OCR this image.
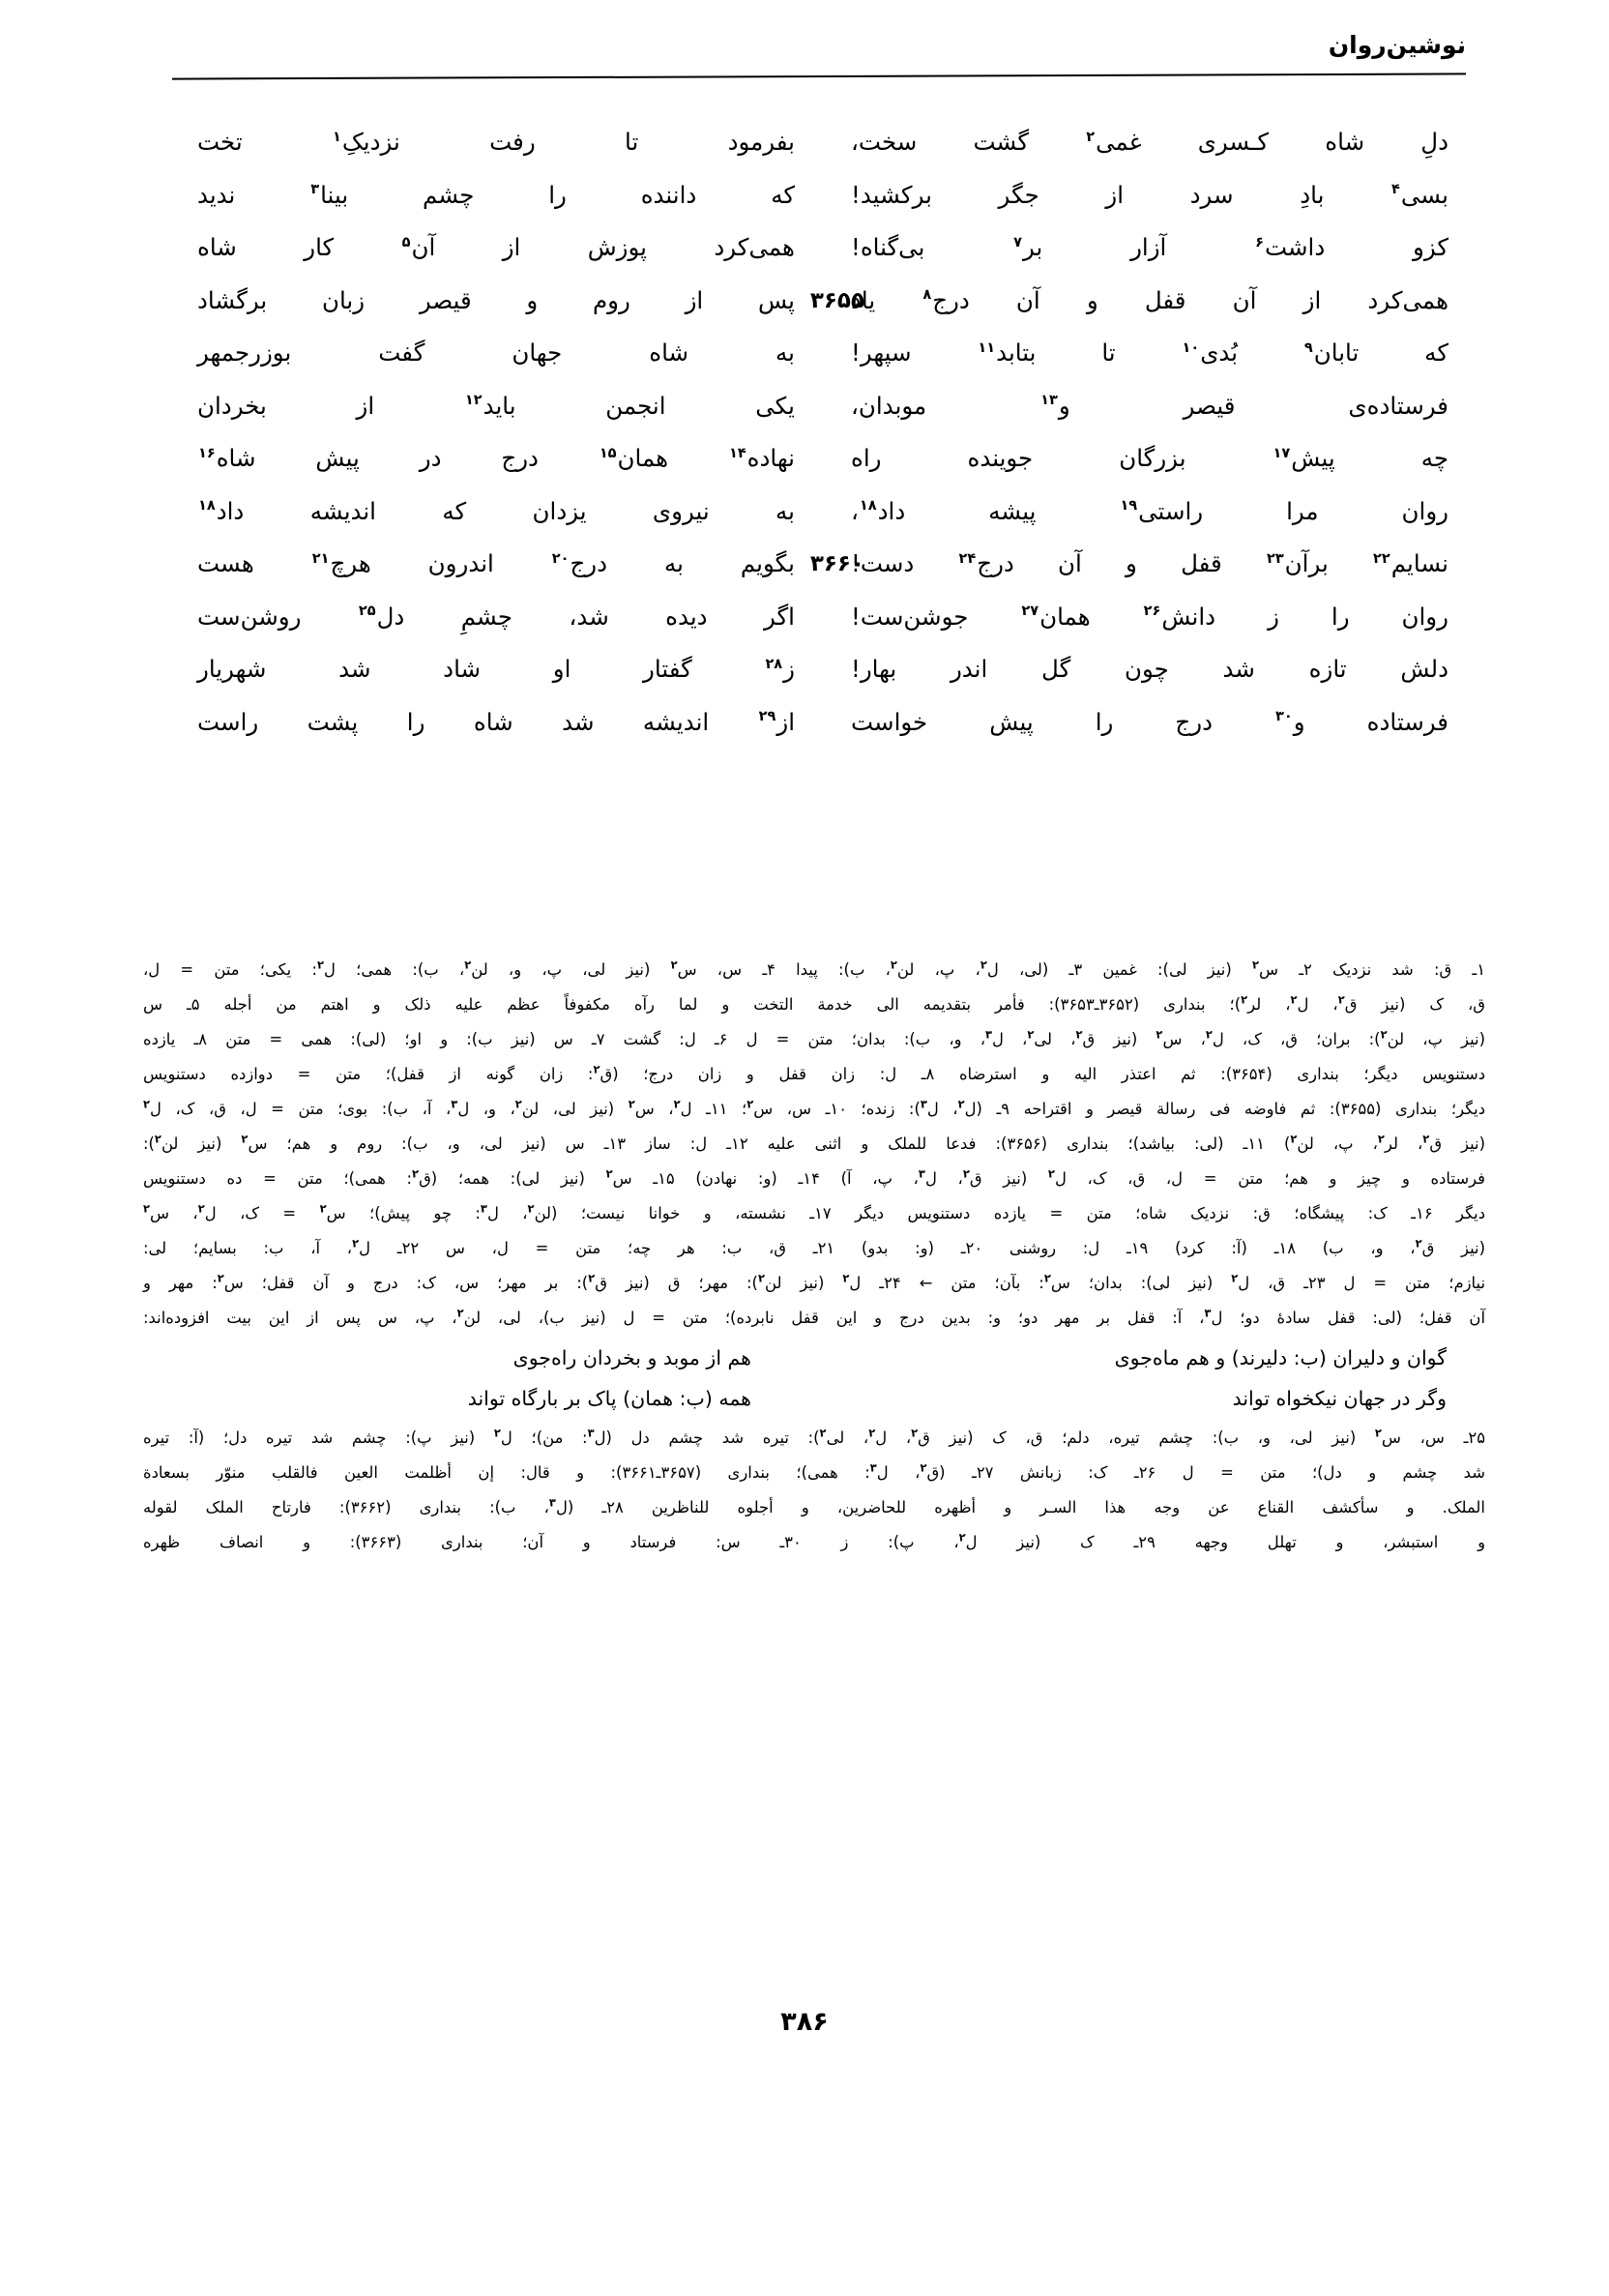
نوشین‌روان
دلِ شاه کـسری غمی$^۲$ گشت سخت،
بفرمود تا رفت نزدیکِ$^۱$ تخت
بسی$^۴$ بادِ سرد از جگر برکشید!
که داننده را چشم بینا$^۳$ ندید
کزو داشت$^۶$ آزار بر$^۷$ بی‌گناه!
همی‌کرد پوزش از آن$^۵$ کار شاه
همی‌کرد از آن قفل و آن درج$^۸$ یاد
پس از روم و قیصر زبان برگشاد ۳۶۵۵
که تابان$^۹$ بُدی$^{۱۰}$ تا بتابد$^{۱۱}$ سپهر!
به شاه جهان گفت بوزرجمهر
فرستاده‌ی قیصر و$^{۱۳}$ موبدان،
یکی انجمن باید$^{۱۲}$ از بخردان
چه پیش$^{۱۷}$ بزرگان جوینده راه
نهاده$^{۱۴}$ همان$^{۱۵}$ درج در پیش شاه$^{۱۶}$
روان مرا راستی$^{۱۹}$ پیشه داد$^{۱۸}$،
به نیروی یزدان که اندیشه داد$^{۱۸}$
نسایم$^{۲۲}$ برآن$^{۲۳}$ قفل و آن درج$^{۲۴}$ دست!
بگویم به درج$^{۲۰}$ اندرون هرچ$^{۲۱}$ هست	۳۶۶۰
روان را ز دانش$^{۲۶}$ همان$^{۲۷}$ جوشن‌ست!
اگر دیده شد، چشمِ دل$^{۲۵}$ روشن‌ست
دلش تازه شد چون گل اندر بهار!
ز$^{۲۸}$ گفتار او شاد شد شهریار
فرستاده و$^{۳۰}$ درج را پیش خواست
از$^{۲۹}$ اندیشه شد شاه را پشت راست

۱ـ ق: شد نزدیک ۲ـ س$^۲$ (نیز لی): غمین ۳ـ (لی، ل$^۲$، پ، لن$^۲$، ب): پیدا ۴ـ س، س$^۲$ (نیز لی، پ، و، لن$^۲$، ب): همی؛ ل$^۲$: یکی؛ متن = ل،

ق، ک (نیز ق$^۲$، ل$^۲$، لر$^۲$)؛ بنداری (۳۶۵۲ـ۳۶۵۳): فأمر بتقدیمه الی خدمة التخت و لما رآه مکفوفاً عظم علیه ذلک و اهتم من أجله ۵ـ س

(نیز پ، لن$^۲$): بران؛ ق، ک، ل$^۲$، س$^۲$ (نیز ق$^۲$، لی$^۲$، ل$^۳$، و، ب): بدان؛ متن = ل ۶ـ ل: گشت ۷ـ س (نیز ب): و او؛ (لی): همی = متن ۸ـ یازده

دستنویس دیگر؛ بنداری (۳۶۵۴): ثم اعتذر الیه و استرضاه ۸ـ ل: زان قفل و زان درج؛ (ق$^۲$: زان گونه از قفل)؛ متن = دوازده دستنویس

دیگر؛ بنداری (۳۶۵۵): ثم فاوضه فی رسالة قیصر و اقتراحه ۹ـ (ل$^۲$، ل$^۳$): زنده؛ ۱۰ـ س، س$^۲$؛ ۱۱ـ ل$^۲$، س$^۲$ (نیز لی، لن$^۲$، و، ل$^۳$، آ، ب): بوی؛ متن = ل، ق، ک، ل$^۲$

(نیز ق$^۲$، لر$^۲$، پ، لن$^۲$) ۱۱ـ (لی: بیاشد)؛ بنداری (۳۶۵۶): فدعا للملک و اثنی علیه ۱۲ـ ل: ساز ۱۳ـ س (نیز لی، و، ب): روم و هم؛ س$^۲$ (نیز لن$^۲$):

فرستاده و چیز و هم؛ متن = ل، ق، ک، ل$^۲$ (نیز ق$^۲$، ل$^۳$، پ، آ) ۱۴ـ (و: نهادن) ۱۵ـ س$^۲$ (نیز لی): همه؛ (ق$^۲$: همی)؛ متن = ده دستنویس

دیگر ۱۶ـ ک: پیشگاه؛ ق: نزدیک شاه؛ متن = یازده دستنویس دیگر ۱۷ـ نشسته، و خوانا نیست؛ (لن$^۲$، ل$^۳$: چو پیش)؛ س$^۲$ = ک، ل$^۲$، س$^۲$

(نیز ق$^۲$، و، ب) ۱۸ـ (آ: کرد) ۱۹ـ ل: روشنی ۲۰ـ (و: بدو) ۲۱ـ ق، ب: هر چه؛ متن = ل، س ۲۲ـ ل$^۲$، آ، ب: بسایم؛ لی:

نیازم؛ متن = ل ۲۳ـ ق، ل$^۲$ (نیز لی): بدان؛ س$^۲$: بآن؛ متن ← ۲۴ـ ل$^۲$ (نیز لن$^۲$): مهر؛ ق (نیز ق$^۲$): بر مهر؛ س، ک: درج و آن قفل؛ س$^۲$: مهر و

آن قفل؛ (لی: قفل سادهٔ دو؛ ل$^۳$، آ: قفل بر مهر دو؛ و: بدین درج و این قفل نابرده)؛ متن = ل (نیز ب)، لی، لن$^۲$، پ، س پس از این بیت افزوده‌اند:

گوان و دلیران (ب: دلیرند) و هم ماه‌جوی
هم از موبد و بخردان راه‌جوی
وگر در جهان نیکخواه تواند
همه (ب: همان) پاک بر بارگاه تواند

۲۵ـ س، س$^۲$ (نیز لی، و، ب): چشم تیره، دلم؛ ق، ک (نیز ق$^۲$، ل$^۲$، لی$^۲$): تیره شد چشم دل (ل$^۳$: من)؛ ل$^۲$ (نیز پ): چشم شد تیره دل؛ (آ: تیره

شد چشم و دل)؛ متن = ل ۲۶ـ ک: زبانش ۲۷ـ (ق$^۲$، ل$^۳$: همی)؛ بنداری (۳۶۵۷ـ۳۶۶۱): و قال: إن أظلمت العین فالقلب منوّر بسعادة

الملک. و سأکشف القناع عن وجه هذا السـر و أظهره للحاضرین، و أجلوه للناظرین ۲۸ـ (ل$^۳$، ب): بنداری (۳۶۶۲): فارتاح الملک لقوله

و استبشر، و تهلل وجهه ۲۹ـ ک (نیز ل$^۲$، پ): ز ۳۰ـ س: فرستاد و آن؛ بنداری (۳۶۶۳): و انصاف ظهره

۳۸۶
